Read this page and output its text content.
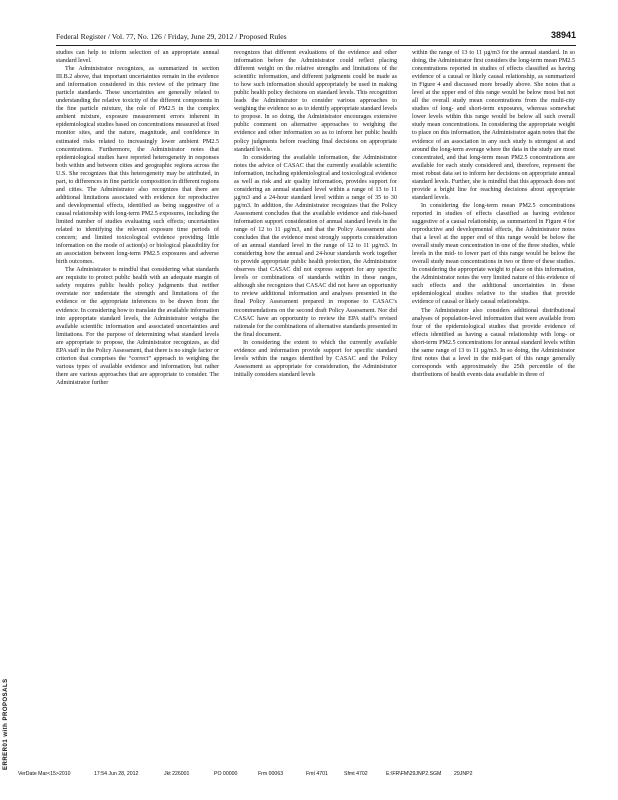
Federal Register / Vol. 77, No. 126 / Friday, June 29, 2012 / Proposed Rules	38941

studies can help to inform selection of an appropriate annual standard level.

The Administrator recognizes, as summarized in section III.B.2 above, that important uncertainties remain in the evidence and information considered in this review of the primary fine particle standards. These uncertainties are generally related to understanding the relative toxicity of the different components in the fine particle mixture, the role of PM2.5 in the complex ambient mixture, exposure measurement errors inherent in epidemiological studies based on concentrations measured at fixed monitor sites, and the nature, magnitude, and confidence in estimated risks related to increasingly lower ambient PM2.5 concentrations. Furthermore, the Administrator notes that epidemiological studies have reported heterogeneity in responses both within and between cities and geographic regions across the U.S. She recognizes that this heterogeneity may be attributed, in part, to differences in fine particle composition in different regions and cities. The Administrator also recognizes that there are additional limitations associated with evidence for reproductive and developmental effects, identified as being suggestive of a causal relationship with long-term PM2.5 exposures, including the limited number of studies evaluating such effects; uncertainties related to identifying the relevant exposure time periods of concern; and limited toxicological evidence providing little information on the mode of action(s) or biological plausibility for an association between long-term PM2.5 exposures and adverse birth outcomes.

The Administrator is mindful that considering what standards are requisite to protect public health with an adequate margin of safety requires public health policy judgments that neither overstate nor understate the strength and limitations of the evidence or the appropriate inferences to be drawn from the evidence. In considering how to translate the available information into appropriate standard levels, the Administrator weighs the available scientific information and associated uncertainties and limitations. For the purpose of determining what standard levels are appropriate to propose, the Administrator recognizes, as did EPA staff in the Policy Assessment, that there is no single factor or criterion that comprises the “correct” approach to weighing the various types of available evidence and information, but rather there are various approaches that are appropriate to consider. The Administrator further

recognizes that different evaluations of the evidence and other information before the Administrator could reflect placing different weight on the relative strengths and limitations of the scientific information, and different judgments could be made as to how such information should appropriately be used in making public health policy decisions on standard levels. This recognition leads the Administrator to consider various approaches to weighing the evidence so as to identify appropriate standard levels to propose. In so doing, the Administrator encourages extensive public comment on alternative approaches to weighing the evidence and other information so as to inform her public health policy judgments before reaching final decisions on appropriate standard levels.

In considering the available information, the Administrator notes the advice of CASAC that the currently available scientific information, including epidemiological and toxicological evidence as well as risk and air quality information, provides support for considering an annual standard level within a range of 13 to 11 µg/m3 and a 24-hour standard level within a range of 35 to 30 µg/m3. In addition, the Administrator recognizes that the Policy Assessment concludes that the available evidence and risk-based information support consideration of annual standard levels in the range of 12 to 11 µg/m3, and that the Policy Assessment also concludes that the evidence most strongly supports consideration of an annual standard level in the range of 12 to 11 µg/m3. In considering how the annual and 24-hour standards work together to provide appropriate public health protection, the Administrator observes that CASAC did not express support for any specific levels or combinations of standards within in these ranges, although she recognizes that CASAC did not have an opportunity to review additional information and analyses presented in the final Policy Assessment prepared in response to CASAC’s recommendations on the second draft Policy Assessment. Nor did CASAC have an opportunity to review the EPA staff’s revised rationale for the combinations of alternative standards presented in the final document.

In considering the extent to which the currently available evidence and information provide support for specific standard levels within the ranges identified by CASAC and the Policy Assessment as appropriate for consideration, the Administrator initially considers standard levels

within the range of 13 to 11 µg/m3 for the annual standard. In so doing, the Administrator first considers the long-term mean PM2.5 concentrations reported in studies of effects classified as having evidence of a causal or likely causal relationship, as summarized in Figure 4 and discussed more broadly above. She notes that a level at the upper end of this range would be below most but not all the overall study mean concentrations from the multi-city studies of long- and short-term exposures, whereas somewhat lower levels within this range would be below all such overall study mean concentrations. In considering the appropriate weight to place on this information, the Administrator again notes that the evidence of an association in any such study is strongest at and around the long-term average where the data in the study are most concentrated, and that long-term mean PM2.5 concentrations are available for each study considered and, therefore, represent the most robust data set to inform her decisions on appropriate annual standard levels. Further, she is mindful that this approach does not provide a bright line for reaching decisions about appropriate standard levels.

In considering the long-term mean PM2.5 concentrations reported in studies of effects classified as having evidence suggestive of a causal relationship, as summarized in Figure 4 for reproductive and developmental effects, the Administrator notes that a level at the upper end of this range would be below the overall study mean concentration in one of the three studies, while levels in the mid- to lower part of this range would be below the overall study mean concentrations in two or three of these studies. In considering the appropriate weight to place on this information, the Administrator notes the very limited nature of this evidence of such effects and the additional uncertainties in these epidemiological studies relative to the studies that provide evidence of causal or likely causal relationships.

The Administrator also considers additional distributional analyses of population-level information that were available from four of the epidemiological studies that provide evidence of effects identified as having a causal relationship with long- or short-term PM2.5 concentrations for annual standard levels within the same range of 13 to 11 µg/m3. In so doing, the Administrator first notes that a level in the mid-part of this range generally corresponds with approximately the 25th percentile of the distributions of health events data available in three of

ERRER01 with PROPOSALS
VerDate Mar<15>2010	17:54 Jun 28, 2012	Jkt 226001	PO 00000	Frm 00063	Fmt 4701	Sfmt 4702	E:\FR\FM\29JNP2.SGM 29JNP2
